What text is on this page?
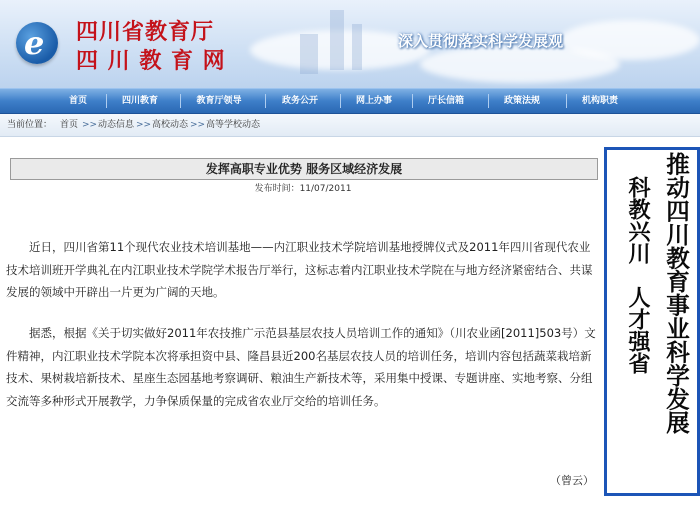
e 四川省教育厅
四 川 教 育 网
深入贯彻落实科学发展观
首页	四川教育	教育厅领导	政务公开	网上办事	厅长信箱	政策法规	机构职责
当前位置： 首页 >> 动态信息 >> 高校动态 >> 高等学校动态
发挥高职专业优势 服务区域经济发展
发布时间：11/07/2011

近日，四川省第11个现代农业技术培训基地——内江职业技术学院培训基地授牌仪式及2011年四川省现代农业技术培训班开学典礼在内江职业技术学院学术报告厅举行，这标志着内江职业技术学院在与地方经济紧密结合、共谋发展的领域中开辟出一片更为广阔的天地。

据悉，根据《关于切实做好2011年农技推广示范县基层农技人员培训工作的通知》（川农业函[2011]503号）文件精神，内江职业技术学院本次将承担资中县、隆昌县近200名基层农技人员的培训任务，培训内容包括蔬菜栽培新技术、果树栽培新技术、星座生态园基地考察调研、粮油生产新技术等，采用集中授课、专题讲座、实地考察、分组交流等多种形式开展教学，力争保质保量的完成省农业厅交给的培训任务。

（曾云）
推动四川教育事业科学发展
科教兴川　人才强省
